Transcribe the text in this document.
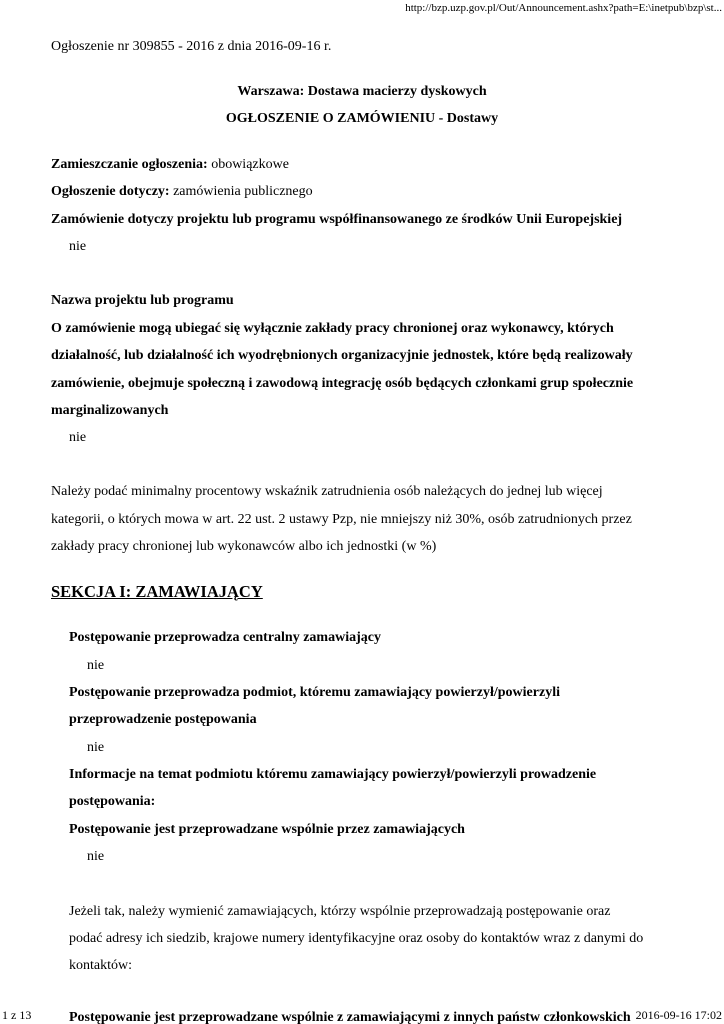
http://bzp.uzp.gov.pl/Out/Announcement.ashx?path=E:\inetpub\bzp\st...
Ogłoszenie nr 309855 - 2016 z dnia 2016-09-16 r.
Warszawa: Dostawa macierzy dyskowych
OGŁOSZENIE O ZAMÓWIENIU - Dostawy
Zamieszczanie ogłoszenia: obowiązkowe
Ogłoszenie dotyczy: zamówienia publicznego
Zamówienie dotyczy projektu lub programu współfinansowanego ze środków Unii Europejskiej
nie
Nazwa projektu lub programu
O zamówienie mogą ubiegać się wyłącznie zakłady pracy chronionej oraz wykonawcy, których
działalność, lub działalność ich wyodrębnionych organizacyjnie jednostek, które będą realizowały
zamówienie, obejmuje społeczną i zawodową integrację osób będących członkami grup społecznie
marginalizowanych
nie
Należy podać minimalny procentowy wskaźnik zatrudnienia osób należących do jednej lub więcej
kategorii, o których mowa w art. 22 ust. 2 ustawy Pzp, nie mniejszy niż 30%, osób zatrudnionych przez
zakłady pracy chronionej lub wykonawców albo ich jednostki (w %)
SEKCJA I: ZAMAWIAJĄCY
Postępowanie przeprowadza centralny zamawiający
nie
Postępowanie przeprowadza podmiot, któremu zamawiający powierzył/powierzyli
przeprowadzenie postępowania
nie
Informacje na temat podmiotu któremu zamawiający powierzył/powierzyli prowadzenie
postępowania:
Postępowanie jest przeprowadzane wspólnie przez zamawiających
nie
Jeżeli tak, należy wymienić zamawiających, którzy wspólnie przeprowadzają postępowanie oraz
podać adresy ich siedzib, krajowe numery identyfikacyjne oraz osoby do kontaktów wraz z danymi do
kontaktów:
Postępowanie jest przeprowadzane wspólnie z zamawiającymi z innych państw członkowskich
1 z 13	2016-09-16 17:02
